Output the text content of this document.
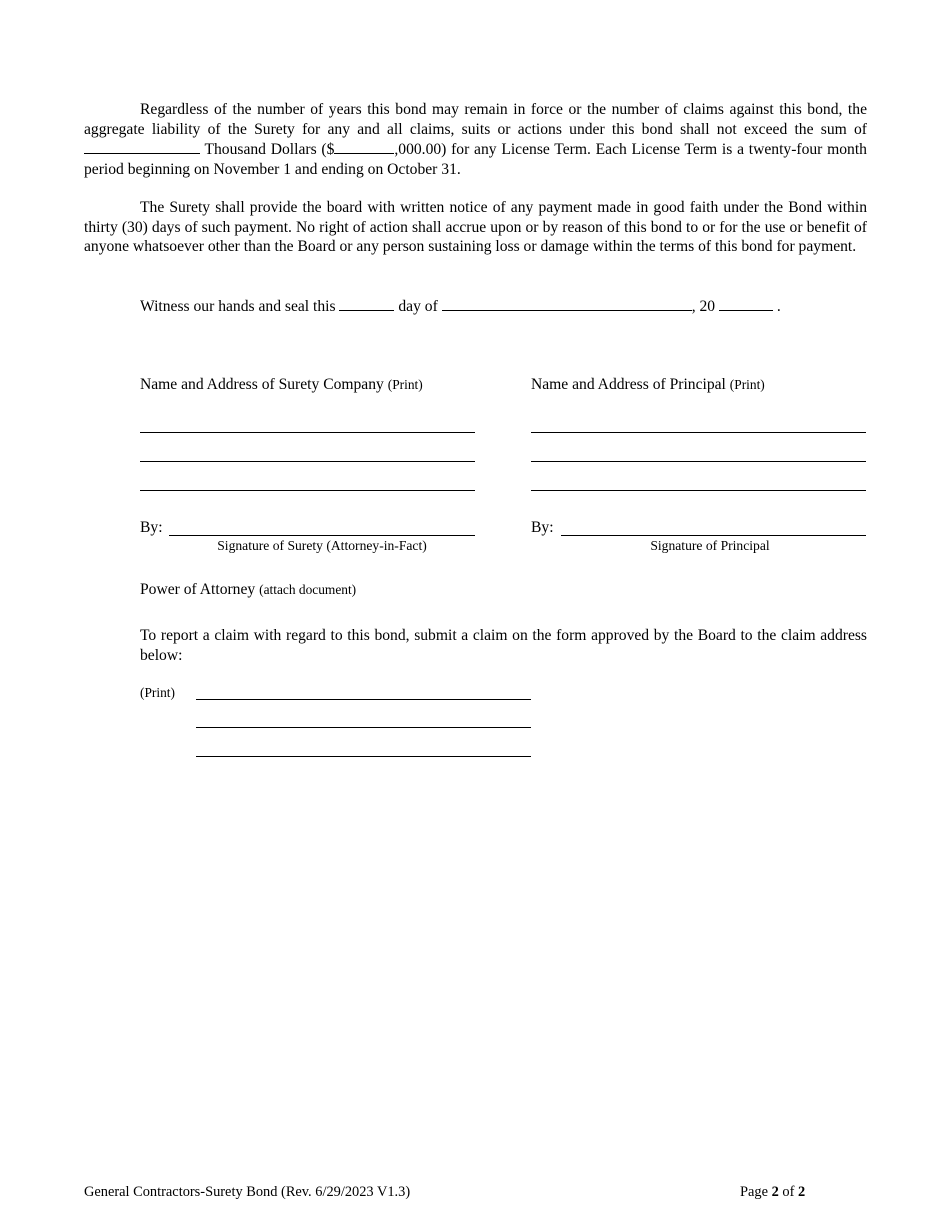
Regardless of the number of years this bond may remain in force or the number of claims against this bond, the aggregate liability of the Surety for any and all claims, suits or actions under this bond shall not exceed the sum of  Thousand Dollars ($	,000.00) for any License Term. Each License Term is a twenty-four month period beginning on November 1 and ending on October 31.

The Surety shall provide the board with written notice of any payment made in good faith under the Bond within thirty (30) days of such payment. No right of action shall accrue upon or by reason of this bond to or for the use or benefit of anyone whatsoever other than the Board or any person sustaining loss or damage within the terms of this bond for payment.

Witness our hands and seal this	day of	, 20	.
Name and Address of Surety Company (Print)
By:
Signature of Surety (Attorney-in-Fact)
Name and Address of Principal (Print)
By:
Signature of Principal
Power of Attorney (attach document)

To report a claim with regard to this bond, submit a claim on the form approved by the Board to the claim address below:

(Print)
General Contractors-Surety Bond (Rev. 6/29/2023 V1.3)	Page 2 of 2
